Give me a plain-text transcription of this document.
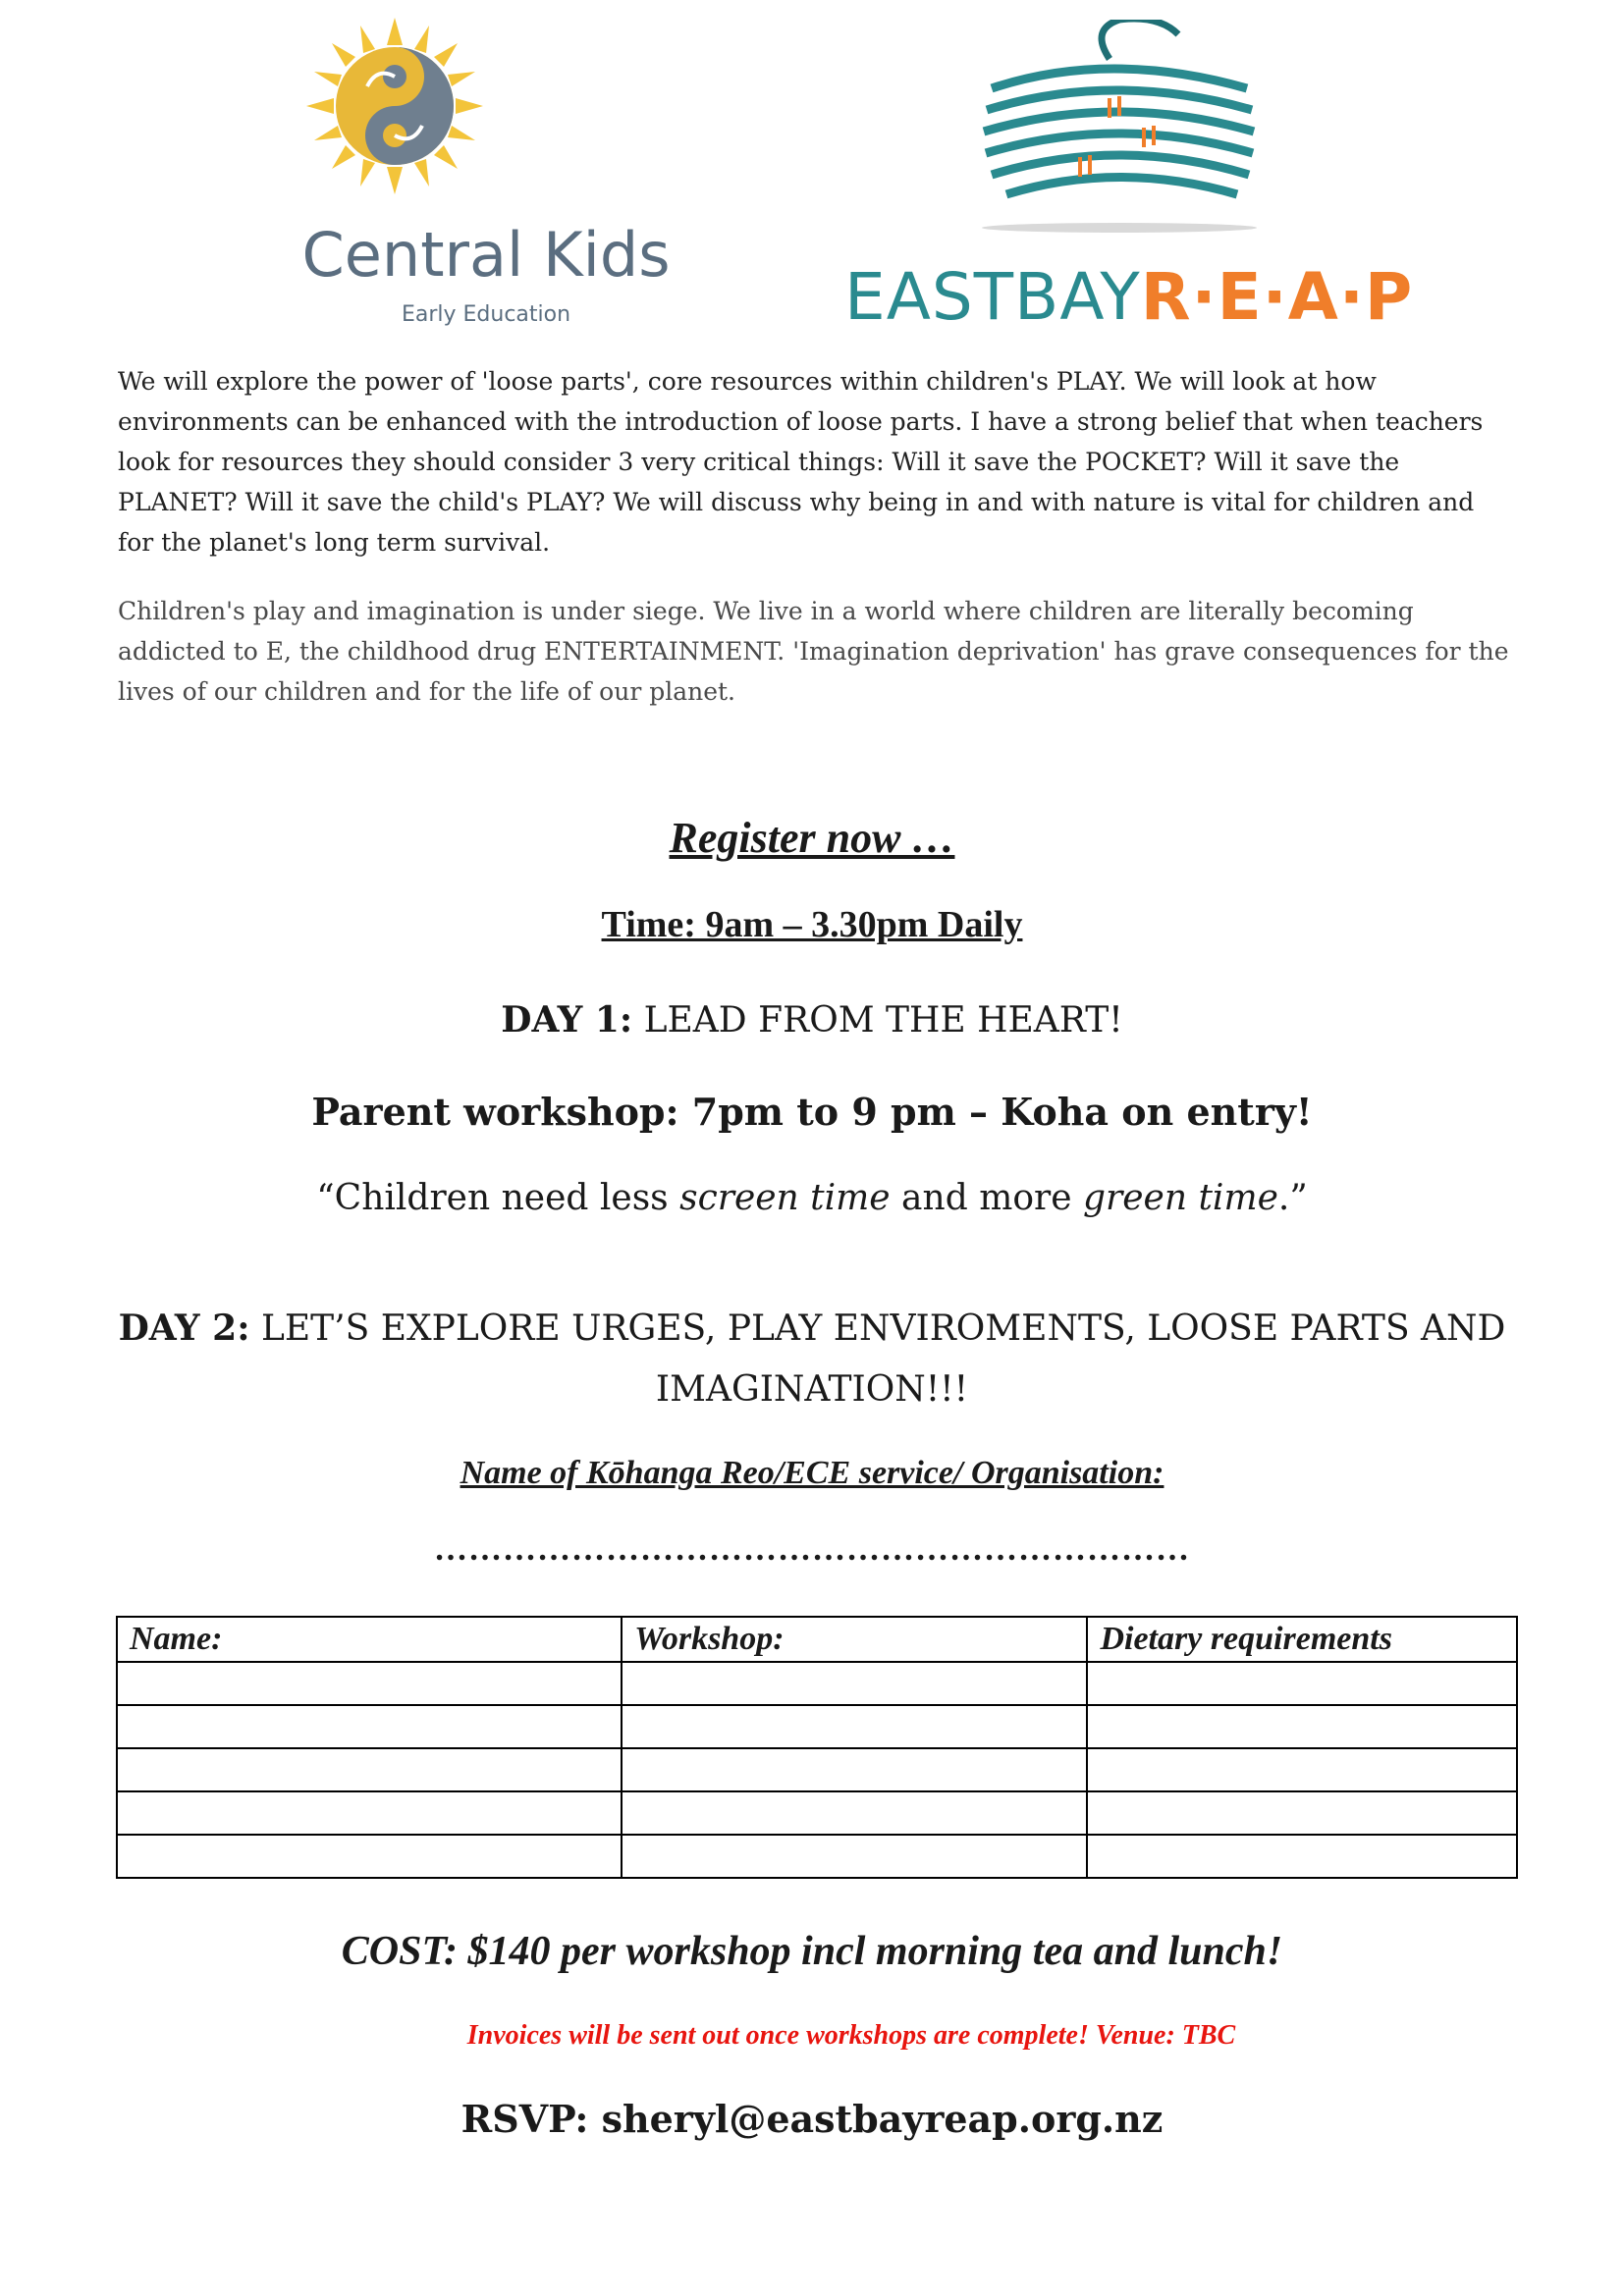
Central Kids
Early Education	EASTBAYR·E·A·P

We will explore the power of 'loose parts', core resources within children's PLAY. We will look at how environments can be enhanced with the introduction of loose parts. I have a strong belief that when teachers look for resources they should consider 3 very critical things: Will it save the POCKET? Will it save the PLANET? Will it save the child's PLAY? We will discuss why being in and with nature is vital for children and for the planet's long term survival.

Children's play and imagination is under siege. We live in a world where children are literally becoming addicted to E, the childhood drug ENTERTAINMENT. 'Imagination deprivation' has grave consequences for the lives of our children and for the life of our planet.

Register now …
Time: 9am – 3.30pm Daily
DAY 1: LEAD FROM THE HEART!
Parent workshop: 7pm to 9 pm – Koha on entry!
“Children need less screen time and more green time.”
DAY 2: LET’S EXPLORE URGES, PLAY ENVIROMENTS, LOOSE PARTS AND IMAGINATION!!!
Name of Kōhanga Reo/ECE service/ Organisation:
…………………………………………………………
Name:	Workshop:	Dietary requirements

COST: $140 per workshop incl morning tea and lunch!
Invoices will be sent out once workshops are complete! Venue: TBC
RSVP: sheryl@eastbayreap.org.nz
